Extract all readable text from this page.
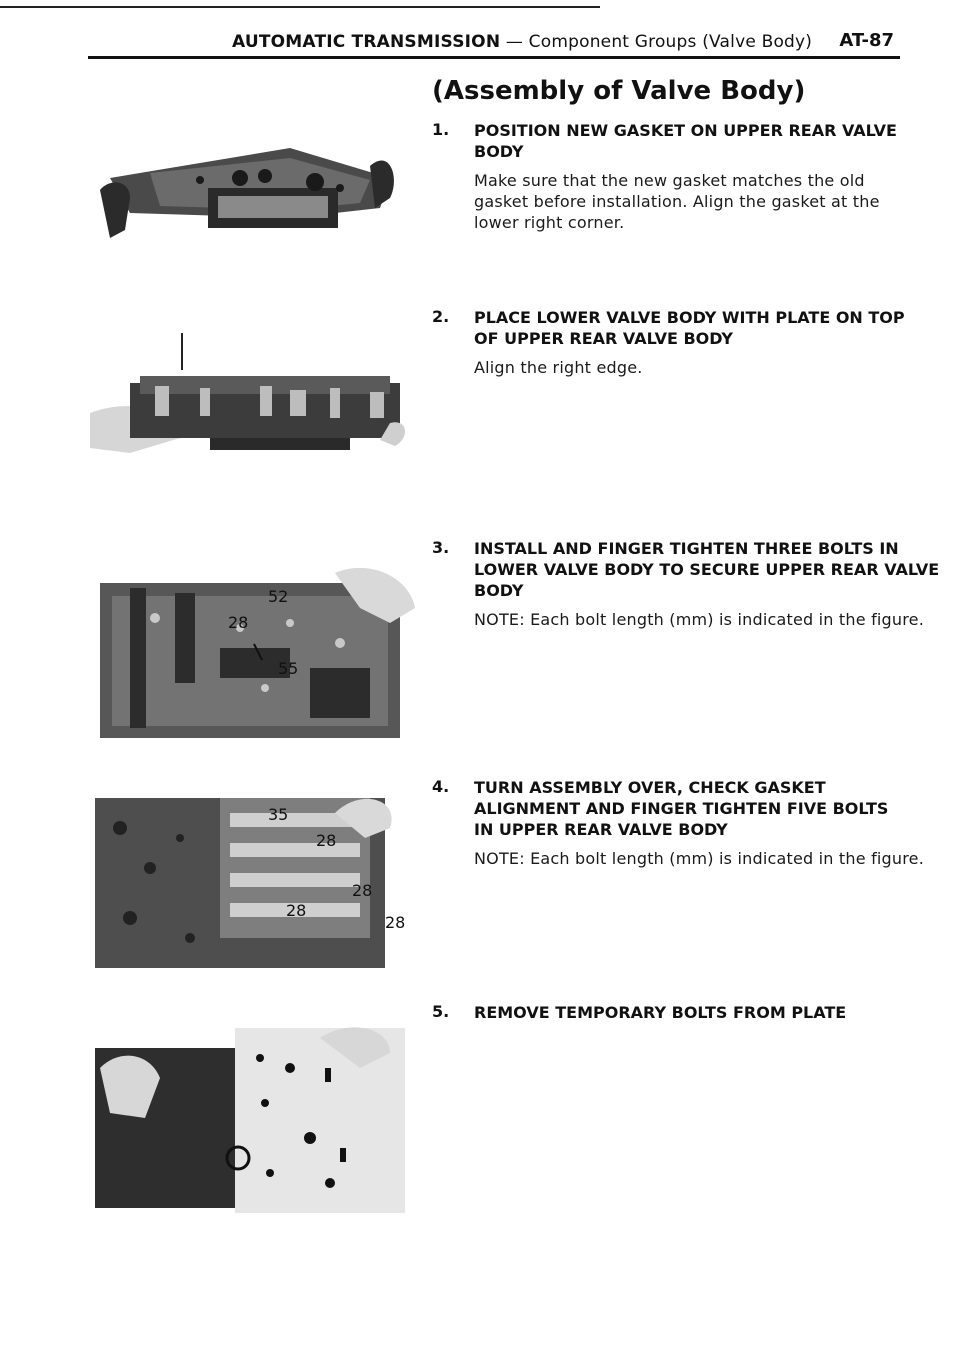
AUTOMATIC TRANSMISSION — Component Groups (Valve Body) AT-87
(Assembly of Valve Body)
1. POSITION NEW GASKET ON UPPER REAR VALVE BODY
Make sure that the new gasket matches the old gasket before installation. Align the gasket at the lower right corner.
2. PLACE LOWER VALVE BODY WITH PLATE ON TOP OF UPPER REAR VALVE BODY
Align the right edge.
3. INSTALL AND FINGER TIGHTEN THREE BOLTS IN LOWER VALVE BODY TO SECURE UPPER REAR VALVE BODY
NOTE: Each bolt length (mm) is indicated in the figure.
4. TURN ASSEMBLY OVER, CHECK GASKET ALIGNMENT AND FINGER TIGHTEN FIVE BOLTS IN UPPER REAR VALVE BODY
NOTE: Each bolt length (mm) is indicated in the figure.
5. REMOVE TEMPORARY BOLTS FROM PLATE
52
28
55
35
28
28
28
28
